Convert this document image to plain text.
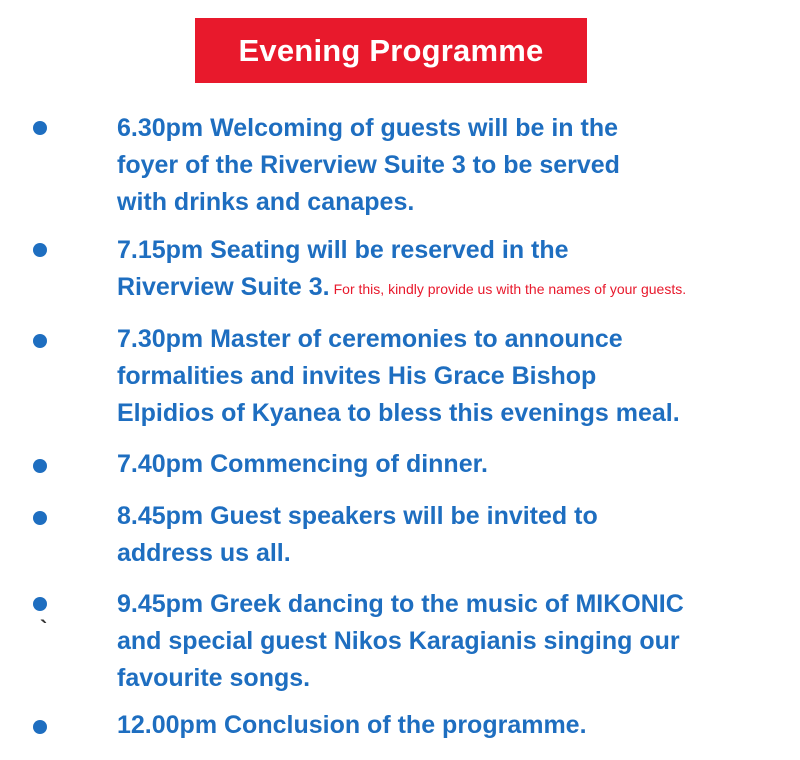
Evening Programme
6.30pm Welcoming of guests will be in the
foyer of the Riverview Suite 3 to be served
with drinks and canapes.
7.15pm Seating will be reserved in the
Riverview Suite 3. For this, kindly provide us with the names of your guests.
7.30pm Master of ceremonies to announce
formalities and invites His Grace Bishop
Elpidios of Kyanea to bless this evenings meal.
7.40pm Commencing of dinner.
8.45pm Guest speakers will be invited to
address us all.
`
9.45pm Greek dancing to the music of MIKONIC
and special guest Nikos Karagianis singing our
favourite songs.
12.00pm Conclusion of the programme.
